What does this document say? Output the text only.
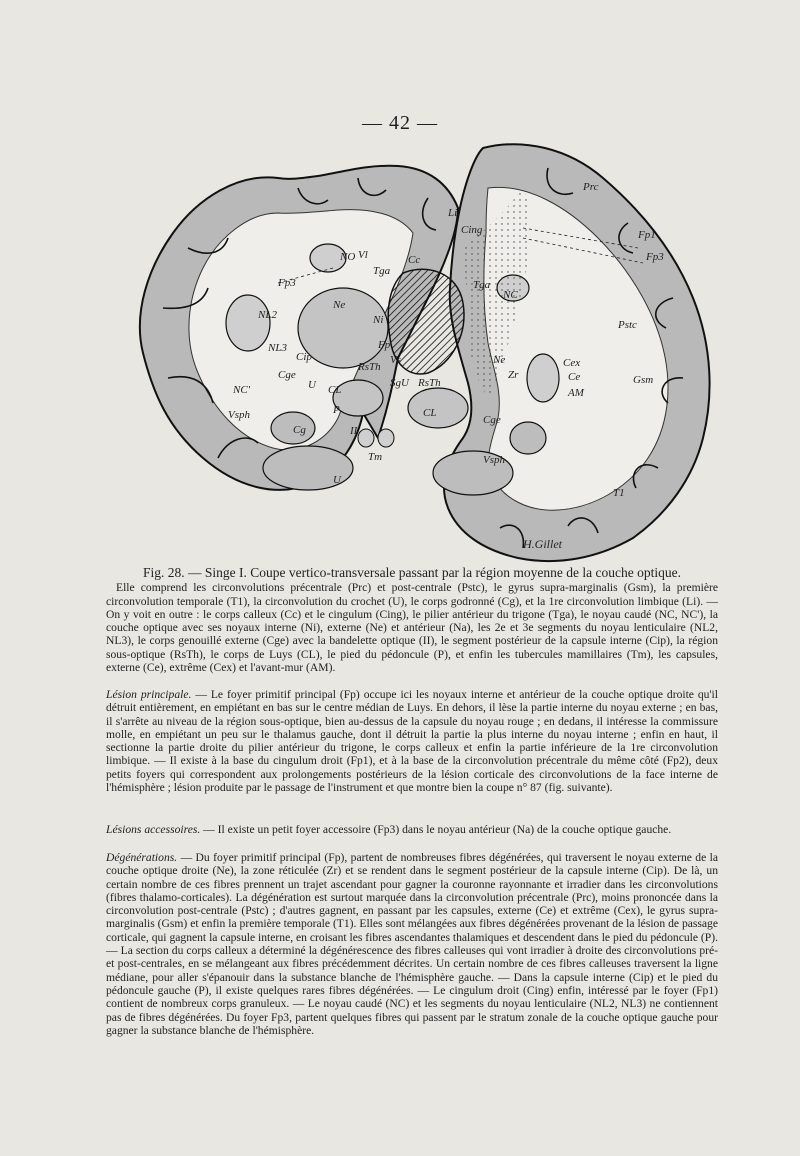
— 42 —
Prc
Li
Cing
Cc
Fp1
Fp3
NO Vl
Tga
Fp3
Ne
Ni
NL2
NL3
Tga
NC
Pstc
Gsm
Cip
Cge
NC'
RsTh
Vs
SgU RsTh
Zr
Cex
Ce
AM
Vsph
CL
CL
P
U
Cg	II
Tm
Cge
Vsph
U
T1
Fp
Ne
H.Gillet
Fig. 28. — Singe I. Coupe vertico-transversale passant par la région moyenne de la couche optique.
Elle comprend les circonvolutions précentrale (Prc) et post-centrale (Pstc), le gyrus supra-marginalis (Gsm), la première circonvolution temporale (T1), la circonvolution du crochet (U), le corps godronné (Cg), et la 1re circonvolution limbique (Li). — On y voit en outre : le corps calleux (Cc) et le cingulum (Cing), le pilier antérieur du trigone (Tga), le noyau caudé (NC, NC'), la couche optique avec ses noyaux interne (Ni), externe (Ne) et antérieur (Na), les 2e et 3e segments du noyau lenticulaire (NL2, NL3), le corps genouillé externe (Cge) avec la bandelette optique (II), le segment postérieur de la capsule interne (Cip), la région sous-optique (RsTh), le corps de Luys (CL), le pied du pédoncule (P), et enfin les tubercules mamillaires (Tm), les capsules, externe (Ce), extrême (Cex) et l'avant-mur (AM).

Lésion principale. — Le foyer primitif principal (Fp) occupe ici les noyaux interne et antérieur de la couche optique droite qu'il détruit entièrement, en empiétant en bas sur le centre médian de Luys. En dehors, il lèse la partie interne du noyau externe ; en bas, il s'arrête au niveau de la région sous-optique, bien au-dessus de la capsule du noyau rouge ; en dedans, il intéresse la commissure molle, en empiétant un peu sur le thalamus gauche, dont il détruit la partie la plus interne du noyau interne ; enfin en haut, il sectionne la partie droite du pilier antérieur du trigone, le corps calleux et enfin la partie inférieure de la 1re circonvolution limbique. — Il existe à la base du cingulum droit (Fp1), et à la base de la circonvolution précentrale du même côté (Fp2), deux petits foyers qui correspondent aux prolongements postérieurs de la lésion corticale des circonvolutions de la face interne de l'hémisphère ; lésion produite par le passage de l'instrument et que montre bien la coupe n° 87 (fig. suivante).

Lésions accessoires. — Il existe un petit foyer accessoire (Fp3) dans le noyau antérieur (Na) de la couche optique gauche.

Dégénérations. — Du foyer primitif principal (Fp), partent de nombreuses fibres dégénérées, qui traversent le noyau externe de la couche optique droite (Ne), la zone réticulée (Zr) et se rendent dans le segment postérieur de la capsule interne (Cip). De là, un certain nombre de ces fibres prennent un trajet ascendant pour gagner la couronne rayonnante et irradier dans les circonvolutions (fibres thalamo-corticales). La dégénération est surtout marquée dans la circonvolution précentrale (Prc), moins prononcée dans la circonvolution post-centrale (Pstc) ; d'autres gagnent, en passant par les capsules, externe (Ce) et extrême (Cex), le gyrus supra-marginalis (Gsm) et enfin la première temporale (T1). Elles sont mélangées aux fibres dégénérées provenant de la lésion de passage corticale, qui gagnent la capsule interne, en croisant les fibres ascendantes thalamiques et descendent dans le pied du pédoncule (P). — La section du corps calleux a déterminé la dégénérescence des fibres calleuses qui vont irradier à droite des circonvolutions pré- et post-centrales, en se mélangeant aux fibres précédemment décrites. Un certain nombre de ces fibres calleuses traversent la ligne médiane, pour aller s'épanouir dans la substance blanche de l'hémisphère gauche. — Dans la capsule interne (Cip) et le pied du pédoncule gauche (P), il existe quelques rares fibres dégénérées. — Le cingulum droit (Cing) enfin, intéressé par le foyer (Fp1) contient de nombreux corps granuleux. — Le noyau caudé (NC) et les segments du noyau lenticulaire (NL2, NL3) ne contiennent pas de fibres dégénérées. Du foyer Fp3, partent quelques fibres qui passent par le stratum zonale de la couche optique gauche pour gagner la substance blanche de l'hémisphère.
